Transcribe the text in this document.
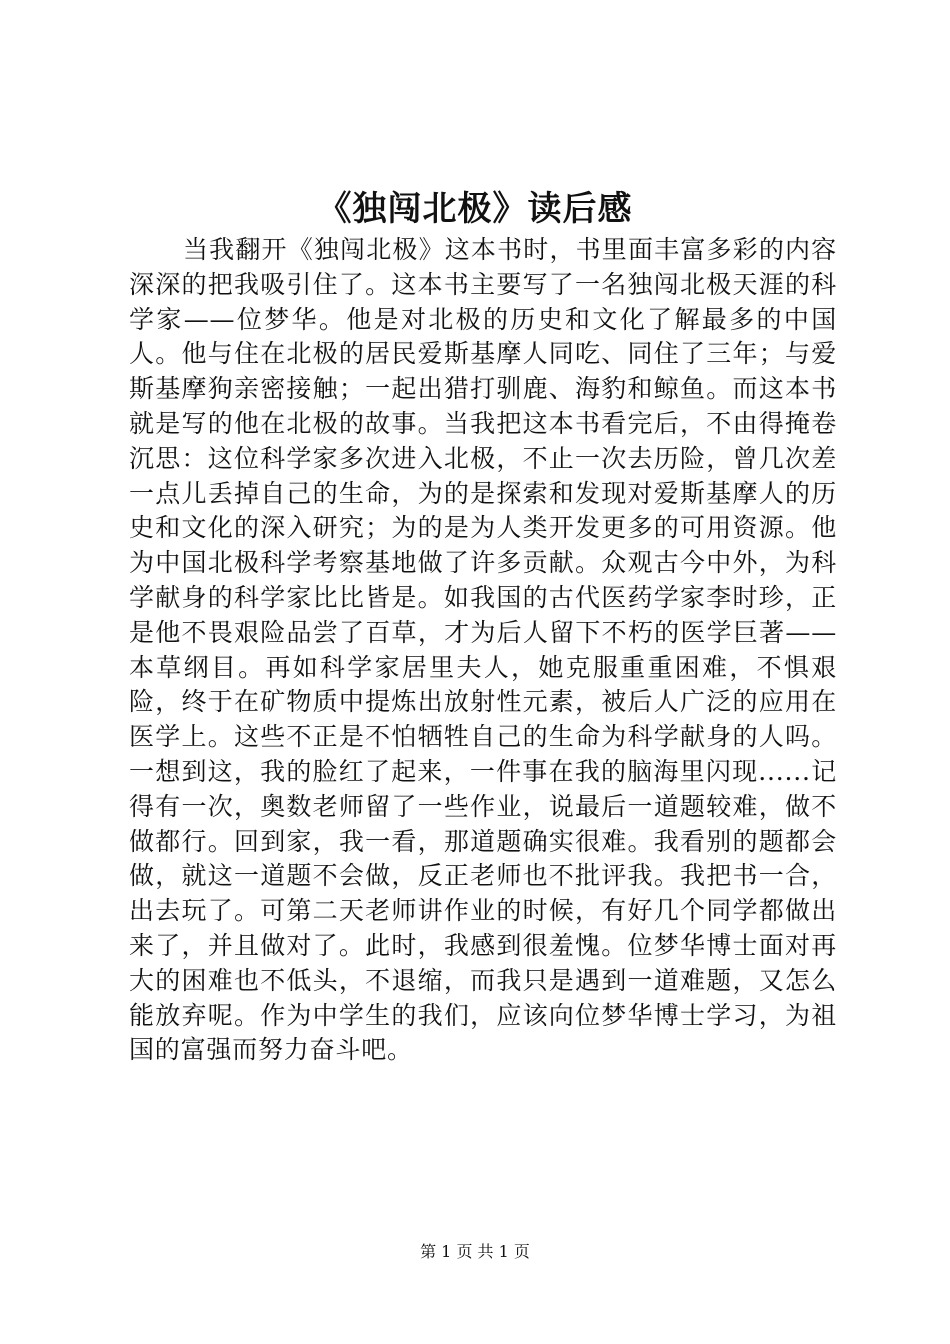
《独闯北极》读后感

当我翻开《独闯北极》这本书时，书里面丰富多彩的内容深深的把我吸引住了。这本书主要写了一名独闯北极天涯的科学家——位梦华。他是对北极的历史和文化了解最多的中国人。他与住在北极的居民爱斯基摩人同吃、同住了三年；与爱斯基摩狗亲密接触；一起出猎打驯鹿、海豹和鲸鱼。而这本书就是写的他在北极的故事。当我把这本书看完后，不由得掩卷沉思：这位科学家多次进入北极，不止一次去历险，曾几次差一点儿丢掉自己的生命，为的是探索和发现对爱斯基摩人的历史和文化的深入研究；为的是为人类开发更多的可用资源。他为中国北极科学考察基地做了许多贡献。众观古今中外，为科学献身的科学家比比皆是。如我国的古代医药学家李时珍，正是他不畏艰险品尝了百草，才为后人留下不朽的医学巨著——本草纲目。再如科学家居里夫人，她克服重重困难，不惧艰险，终于在矿物质中提炼出放射性元素，被后人广泛的应用在医学上。这些不正是不怕牺牲自己的生命为科学献身的人吗。一想到这，我的脸红了起来，一件事在我的脑海里闪现......记得有一次，奥数老师留了一些作业，说最后一道题较难，做不做都行。回到家，我一看，那道题确实很难。我看别的题都会做，就这一道题不会做，反正老师也不批评我。我把书一合，出去玩了。可第二天老师讲作业的时候，有好几个同学都做出来了，并且做对了。此时，我感到很羞愧。位梦华博士面对再大的困难也不低头，不退缩，而我只是遇到一道难题，又怎么能放弃呢。作为中学生的我们，应该向位梦华博士学习，为祖国的富强而努力奋斗吧。

第 1 页 共 1 页
